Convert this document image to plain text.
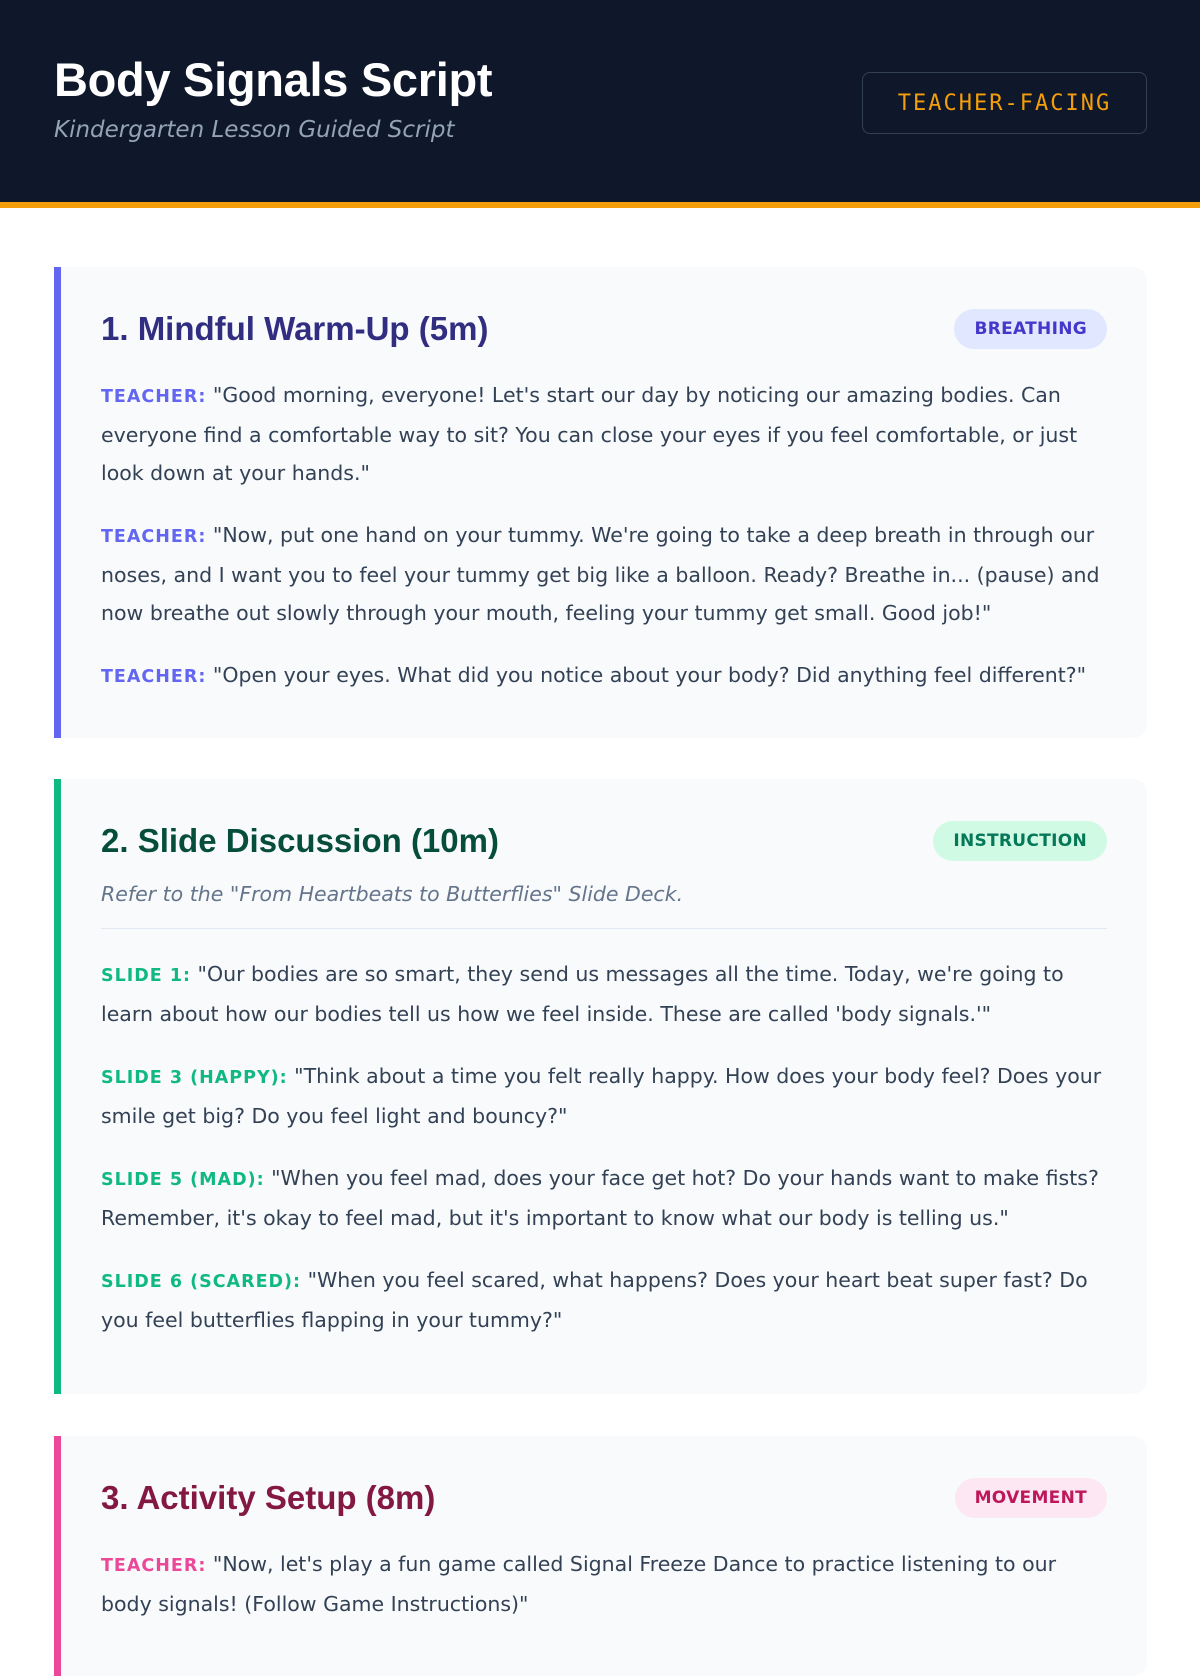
Body Signals Script
Kindergarten Lesson Guided Script
TEACHER-FACING
1. Mindful Warm-Up (5m)	BREATHING

TEACHER: "Good morning, everyone! Let's start our day by noticing our amazing bodies. Can everyone find a comfortable way to sit? You can close your eyes if you feel comfortable, or just look down at your hands."

TEACHER: "Now, put one hand on your tummy. We're going to take a deep breath in through our noses, and I want you to feel your tummy get big like a balloon. Ready? Breathe in... (pause) and now breathe out slowly through your mouth, feeling your tummy get small. Good job!"

TEACHER: "Open your eyes. What did you notice about your body? Did anything feel different?"

2. Slide Discussion (10m)	INSTRUCTION
Refer to the "From Heartbeats to Butterflies" Slide Deck.

SLIDE 1: "Our bodies are so smart, they send us messages all the time. Today, we're going to learn about how our bodies tell us how we feel inside. These are called 'body signals.'"

SLIDE 3 (HAPPY): "Think about a time you felt really happy. How does your body feel? Does your smile get big? Do you feel light and bouncy?"

SLIDE 5 (MAD): "When you feel mad, does your face get hot? Do your hands want to make fists? Remember, it's okay to feel mad, but it's important to know what our body is telling us."

SLIDE 6 (SCARED): "When you feel scared, what happens? Does your heart beat super fast? Do you feel butterflies flapping in your tummy?"

3. Activity Setup (8m)	MOVEMENT

TEACHER: "Now, let's play a fun game called Signal Freeze Dance to practice listening to our body signals! (Follow Game Instructions)"
